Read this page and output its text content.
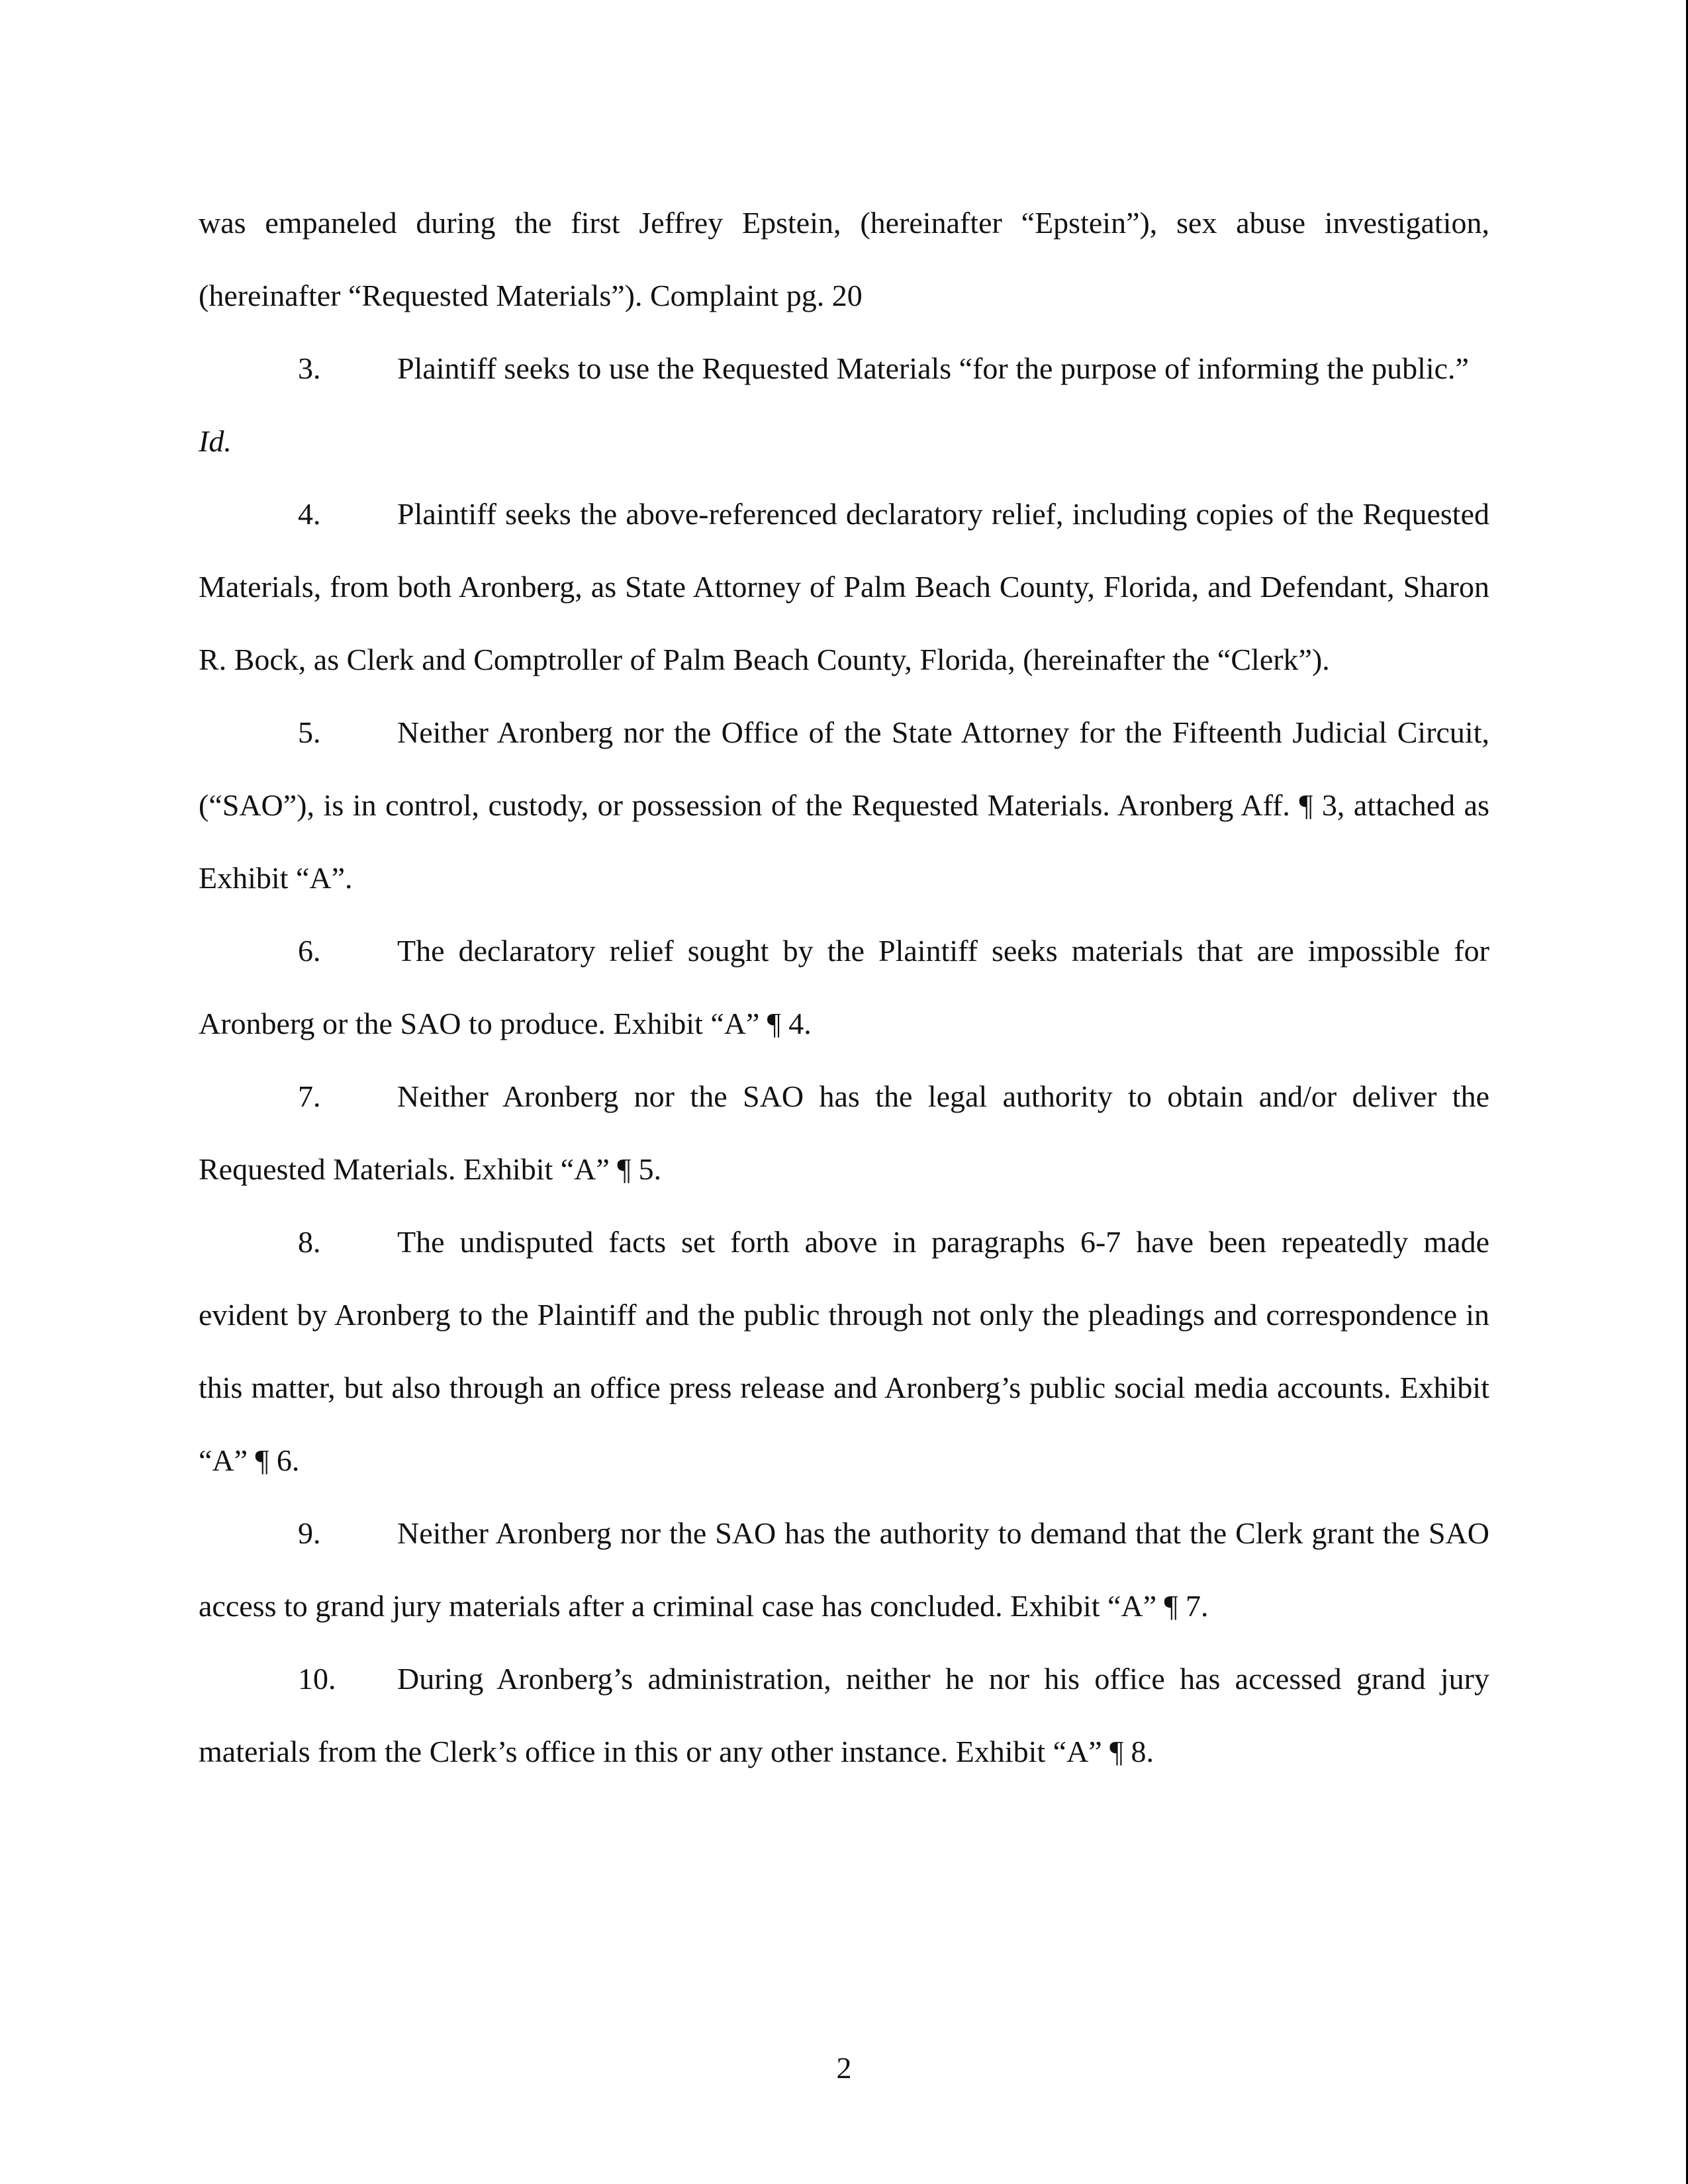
was empaneled during the first Jeffrey Epstein, (hereinafter “Epstein”), sex abuse investigation, (hereinafter “Requested Materials”). Complaint pg. 20

3.	Plaintiff seeks to use the Requested Materials “for the purpose of informing the public.”

Id.

4.	Plaintiff seeks the above-referenced declaratory relief, including copies of the Requested Materials, from both Aronberg, as State Attorney of Palm Beach County, Florida, and Defendant, Sharon R. Bock, as Clerk and Comptroller of Palm Beach County, Florida, (hereinafter the “Clerk”).

5.	Neither Aronberg nor the Office of the State Attorney for the Fifteenth Judicial Circuit, (“SAO”), is in control, custody, or possession of the Requested Materials. Aronberg Aff. ¶ 3, attached as Exhibit “A”.

6.	The declaratory relief sought by the Plaintiff seeks materials that are impossible for Aronberg or the SAO to produce. Exhibit “A” ¶ 4.

7.	Neither Aronberg nor the SAO has the legal authority to obtain and/or deliver the Requested Materials. Exhibit “A” ¶ 5.

8.	The undisputed facts set forth above in paragraphs 6-7 have been repeatedly made evident by Aronberg to the Plaintiff and the public through not only the pleadings and correspondence in this matter, but also through an office press release and Aronberg’s public social media accounts. Exhibit “A” ¶ 6.

9.	Neither Aronberg nor the SAO has the authority to demand that the Clerk grant the SAO access to grand jury materials after a criminal case has concluded. Exhibit “A” ¶ 7.

10. During Aronberg’s administration, neither he nor his office has accessed grand jury materials from the Clerk’s office in this or any other instance. Exhibit “A” ¶ 8.

2
